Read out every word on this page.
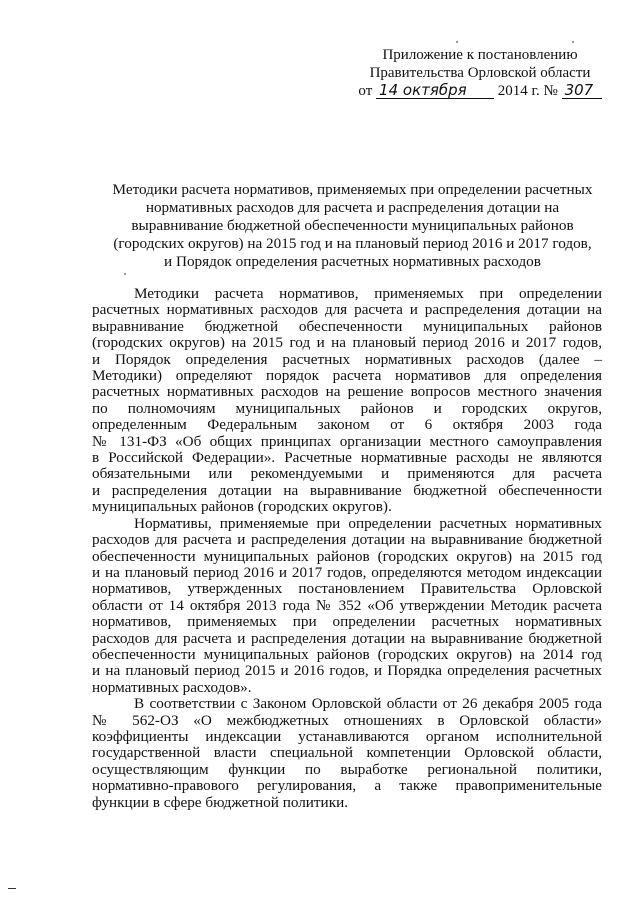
Приложение к постановлению
Правительства Орловской области
от 14 октября 2014 г. № 307
Методики расчета нормативов, применяемых при определении расчетных
нормативных расходов для расчета и распределения дотации на
выравнивание бюджетной обеспеченности муниципальных районов
(городских округов) на 2015 год и на плановый период 2016 и 2017 годов,
и Порядок определения расчетных нормативных расходов

Методики расчета нормативов, применяемых при определении
расчетных нормативных расходов для расчета и распределения дотации на
выравнивание бюджетной обеспеченности муниципальных районов
(городских округов) на 2015 год и на плановый период 2016 и 2017 годов,
и Порядок определения расчетных нормативных расходов (далее –
Методики) определяют порядок расчета нормативов для определения
расчетных нормативных расходов на решение вопросов местного значения
по полномочиям муниципальных районов и городских округов,
определенным Федеральным законом от 6 октября 2003 года
№ 131-ФЗ «Об общих принципах организации местного самоуправления
в Российской Федерации». Расчетные нормативные расходы не являются
обязательными или рекомендуемыми и применяются для расчета
и распределения дотации на выравнивание бюджетной обеспеченности
муниципальных районов (городских округов).

Нормативы, применяемые при определении расчетных нормативных
расходов для расчета и распределения дотации на выравнивание бюджетной
обеспеченности муниципальных районов (городских округов) на 2015 год
и на плановый период 2016 и 2017 годов, определяются методом индексации
нормативов, утвержденных постановлением Правительства Орловской
области от 14 октября 2013 года № 352 «Об утверждении Методик расчета
нормативов, применяемых при определении расчетных нормативных
расходов для расчета и распределения дотации на выравнивание бюджетной
обеспеченности муниципальных районов (городских округов) на 2014 год
и на плановый период 2015 и 2016 годов, и Порядка определения расчетных
нормативных расходов».

В соответствии с Законом Орловской области от 26 декабря 2005 года
№ 562-ОЗ «О межбюджетных отношениях в Орловской области»
коэффициенты индексации устанавливаются органом исполнительной
государственной власти специальной компетенции Орловской области,
осуществляющим функции по выработке региональной политики,
нормативно-правового регулирования, а также правоприменительные
функции в сфере бюджетной политики.
